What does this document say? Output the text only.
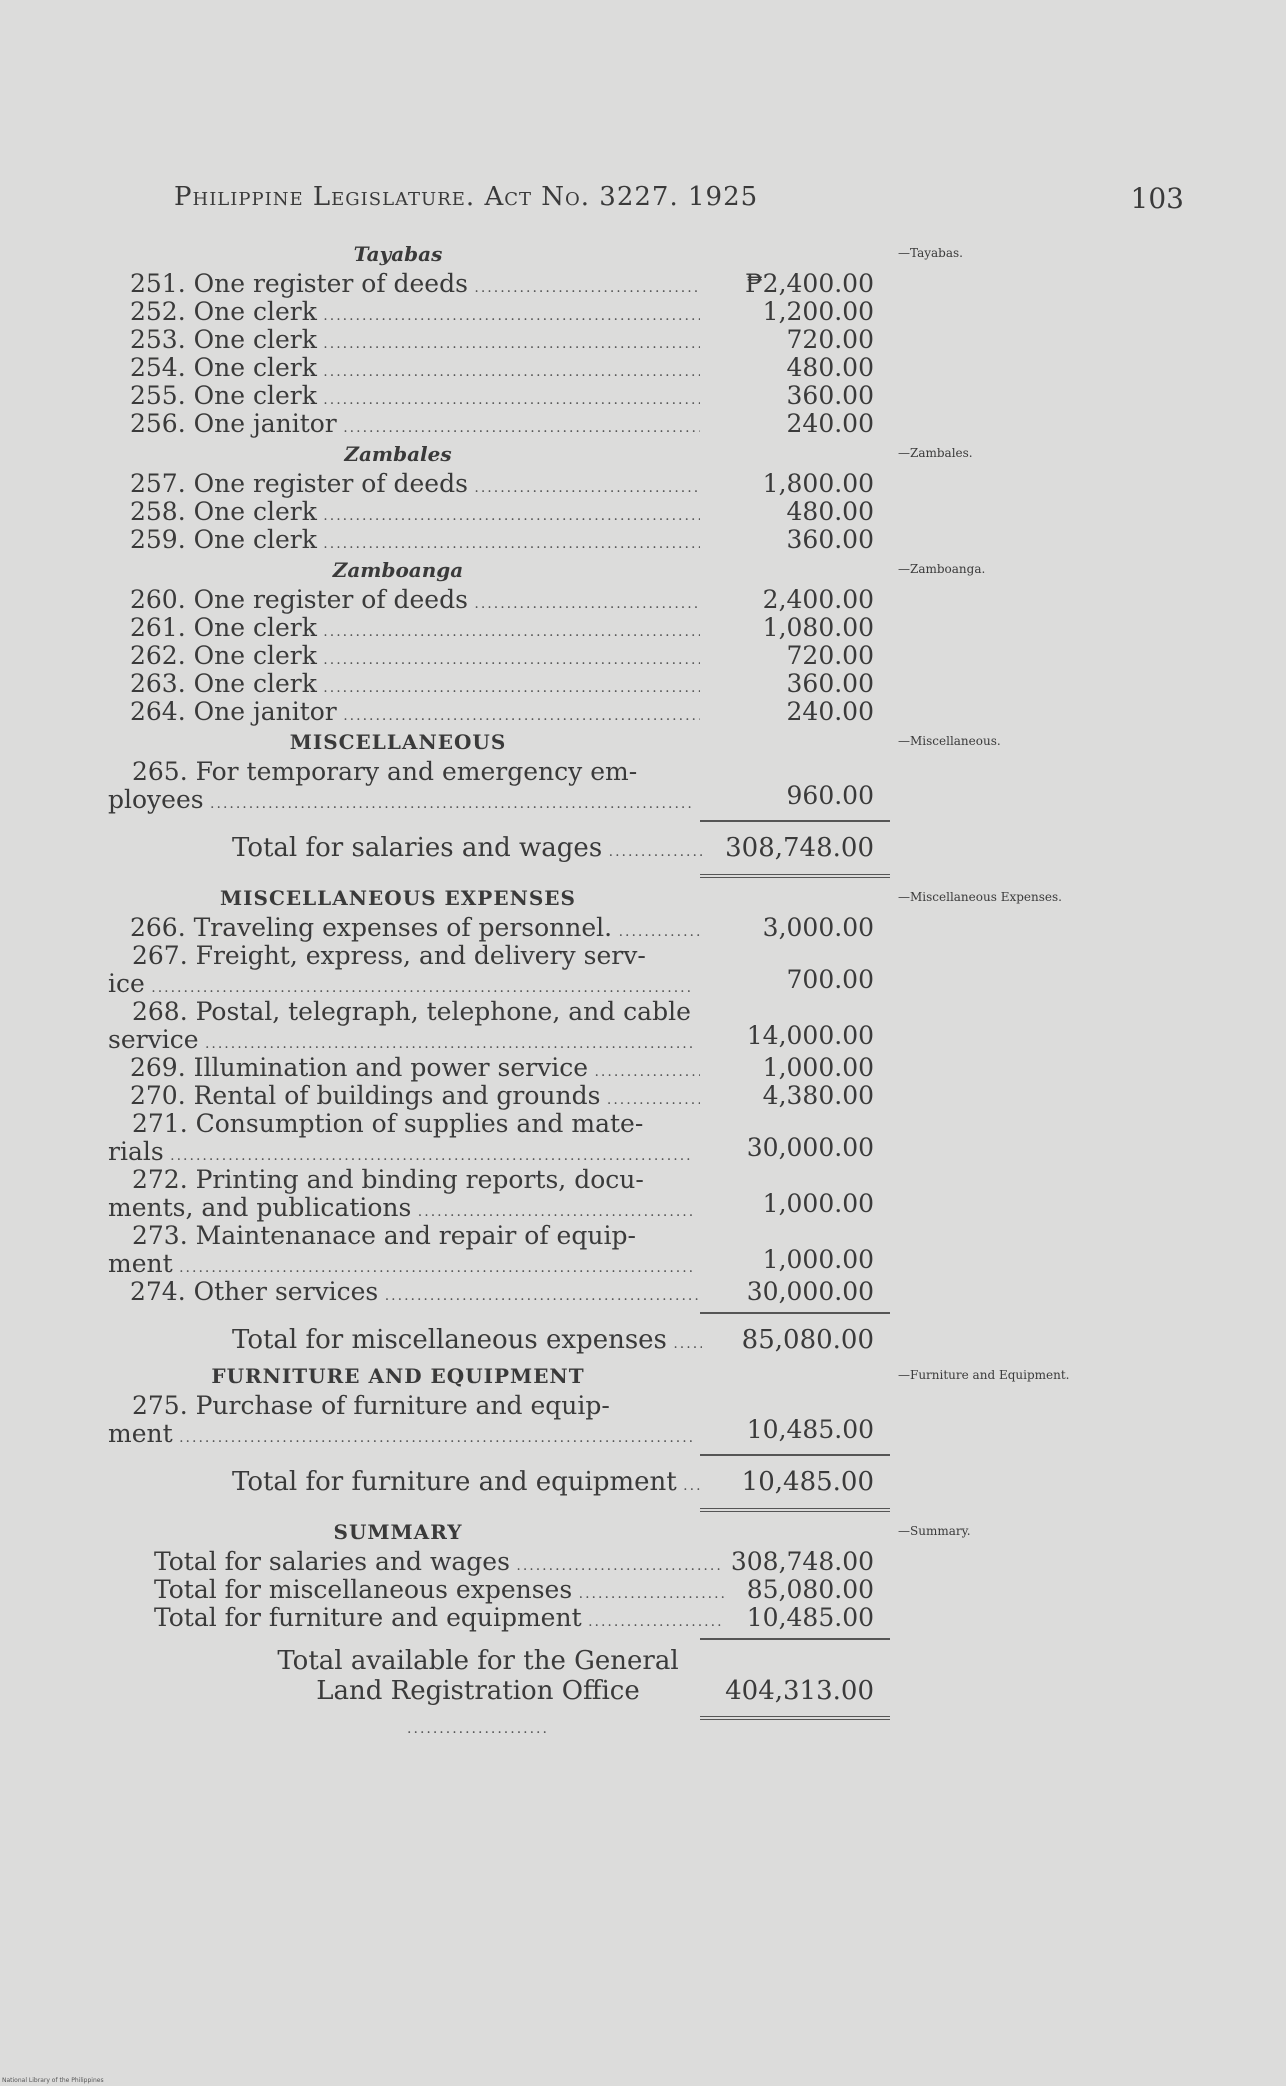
Philippine Legislature. Act No. 3227. 1925	103
Tayabas	—Tayabas.
251. One register of deeds .....	₱2,400.00
252. One clerk .....	1,200.00
253. One clerk .....	720.00
254. One clerk .....	480.00
255. One clerk .....	360.00
256. One janitor .....	240.00
Zambales	—Zambales.
257. One register of deeds .....	1,800.00
258. One clerk .....	480.00
259. One clerk .....	360.00
Zamboanga	—Zamboanga.
260. One register of deeds .....	2,400.00
261. One clerk .....	1,080.00
262. One clerk .....	720.00
263. One clerk .....	360.00
264. One janitor .....	240.00
MISCELLANEOUS	—Miscellaneous.
265. For temporary and emergency em-
ployees .....	960.00
Total for salaries and wages .....	308,748.00
MISCELLANEOUS EXPENSES	—Miscellaneous Expenses.
266. Traveling expenses of personnel. .....	3,000.00
267. Freight, express, and delivery serv-
ice .....	700.00
268. Postal, telegraph, telephone, and cable
service .....	14,000.00
269. Illumination and power service .....	1,000.00
270. Rental of buildings and grounds .....	4,380.00
271. Consumption of supplies and mate-
rials .....	30,000.00
272. Printing and binding reports, docu-
ments, and publications .....	1,000.00
273. Maintenanace and repair of equip-
ment .....	1,000.00
274. Other services .....	30,000.00
Total for miscellaneous expenses .....	85,080.00
FURNITURE AND EQUIPMENT	—Furniture and Equipment.
275. Purchase of furniture and equip-
ment .....	10,485.00
Total for furniture and equipment .....	10,485.00
SUMMARY	—Summary.
Total for salaries and wages .....	308,748.00
Total for miscellaneous expenses .....	85,080.00
Total for furniture and equipment .....	10,485.00
Total available for the General
Land Registration Office .....	404,313.00
National Library of the Philippines
